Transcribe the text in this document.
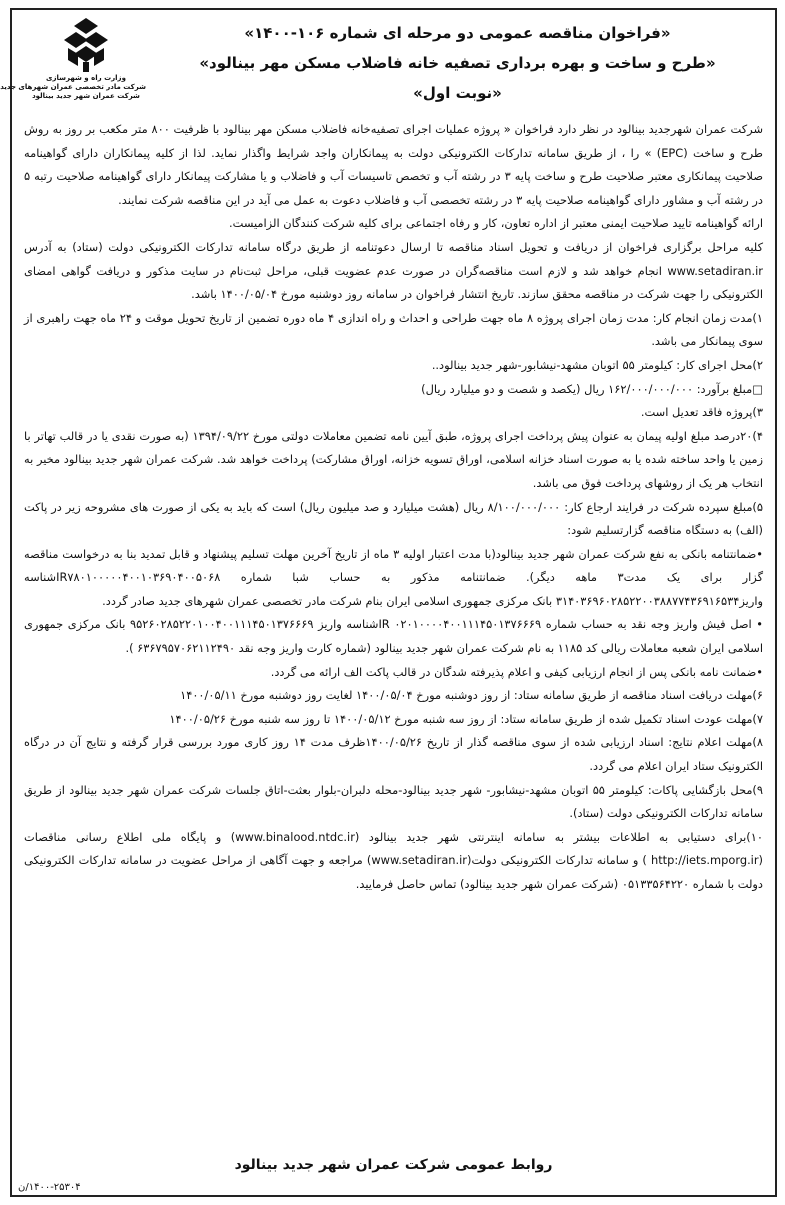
وزارت راه و شهرسازی
شرکت مادر تخصصی عمران شهرهای جدید
شرکت عمران شهر جدید بینالود
«فراخوان مناقصه عمومی دو مرحله ای شماره ۱۰۶-۱۴۰۰»
«طرح و ساخت و بهره برداری تصفیه خانه فاضلاب مسکن مهر بینالود»
«نوبت اول»

شرکت عمران شهرجدید بینالود در نظر دارد فراخوان « پروژه عملیات اجرای تصفیه‌خانه فاضلاب مسکن مهر بینالود با ظرفیت ۸۰۰ متر مکعب بر روز به روش طرح و ساخت (EPC) » را ، از طریق سامانه تدارکات الکترونیکی دولت به پیمانکاران واجد شرایط واگذار نماید. لذا از کلیه پیمانکاران دارای گواهینامه صلاحیت پیمانکاری معتبر صلاحیت طرح و ساخت پایه ۳ در رشته آب و تخصص تاسیسات آب و فاضلاب و یا مشارکت پیمانکار دارای گواهینامه صلاحیت رتبه ۵ در رشته آب و مشاور دارای گواهینامه صلاحیت پایه ۳ در رشته تخصصی آب و فاضلاب دعوت به عمل می آید در این مناقصه شرکت نمایند.

ارائه گواهینامه تایید صلاحیت ایمنی معتبر از اداره تعاون، کار و رفاه اجتماعی برای کلیه شرکت کنندگان الزامیست.

کلیه مراحل برگزاری فراخوان از دریافت و تحویل اسناد مناقصه تا ارسال دعوتنامه از طریق درگاه سامانه تدارکات الکترونیکی دولت (ستاد) به آدرس www.setadiran.ir انجام خواهد شد و لازم است مناقصه‌گران در صورت عدم عضویت قبلی، مراحل ثبت‌نام در سایت مذکور و دریافت گواهی امضای الکترونیکی را جهت شرکت در مناقصه محقق سازند. تاریخ انتشار فراخوان در سامانه روز دوشنبه مورخ ۱۴۰۰/۰۵/۰۴ باشد.

۱)مدت زمان انجام کار: مدت زمان اجرای پروژه ۸ ماه جهت طراحی و احداث و راه اندازی ۴ ماه دوره تضمین از تاریخ تحویل موقت و ۲۴ ماه جهت راهبری از سوی پیمانکار می باشد.

۲)محل اجرای کار: کیلومتر ۵۵ اتوبان مشهد-نیشابور-شهر جدید بینالود..

□مبلغ برآورد: ۱۶۲/۰۰۰/۰۰۰/۰۰۰ ریال (یکصد و شصت و دو میلیارد ریال)

۳)پروژه فاقد تعدیل است.

۴)۲۰درصد مبلغ اولیه پیمان به عنوان پیش پرداخت اجرای پروژه، طبق آیین نامه تضمین معاملات دولتی مورخ ۱۳۹۴/۰۹/۲۲ (به صورت نقدی یا در قالب تهاتر با زمین یا واحد ساخته شده یا به صورت اسناد خزانه اسلامی، اوراق تسویه خزانه، اوراق مشارکت) پرداخت خواهد شد. شرکت عمران شهر جدید بینالود مخیر به انتخاب هر یک از روشهای پرداخت فوق می باشد.

۵)مبلغ سپرده شرکت در فرایند ارجاع کار: ۸/۱۰۰/۰۰۰/۰۰۰ ریال (هشت میلیارد و صد میلیون ریال) است که باید به یکی از صورت های مشروحه زیر در پاکت (الف) به دستگاه مناقصه گزارتسلیم شود:

•ضمانتنامه بانکی به نفع شرکت عمران شهر جدید بینالود(با مدت اعتبار اولیه ۳ ماه از تاریخ آخرین مهلت تسلیم پیشنهاد و قابل تمدید بنا به درخواست مناقصه گزار برای یک مدت۳ ماهه دیگر). ضمانتنامه مذکور به حساب شبا شماره IR۷۸۰۱۰۰۰۰۰۴۰۰۱۰۳۶۹۰۴۰۰۵۰۶۸شناسه واریز۳۱۴۰۳۶۹۶۰۲۸۵۲۲۰۰۳۸۸۷۷۴۳۶۹۱۶۵۳۴ بانک مرکزی جمهوری اسلامی ایران بنام شرکت مادر تخصصی عمران شهرهای جدید صادر گردد.

• اصل فیش واریز وجه نقد به حساب شماره ۰۲۰۱۰۰۰۰۴۰۰۱۱۱۴۵۰۱۳۷۶۶۶۹ IRشناسه واریز ۹۵۲۶۰۲۸۵۲۲۰۱۰۰۴۰۰۱۱۱۴۵۰۱۳۷۶۶۶۹ بانک مرکزی جمهوری اسلامی ایران شعبه معاملات ریالی کد ۱۱۸۵ به نام شرکت عمران شهر جدید بینالود (شماره کارت واریز وجه نقد ۶۳۶۷۹۵۷۰۶۲۱۱۲۴۹۰ ).

•ضمانت نامه بانکی پس از انجام ارزیابی کیفی و اعلام پذیرفته شدگان در قالب پاکت الف ارائه می گردد.

۶)مهلت دریافت اسناد مناقصه از طریق سامانه ستاد: از روز دوشنبه مورخ ۱۴۰۰/۰۵/۰۴ لغایت روز دوشنبه مورخ ۱۴۰۰/۰۵/۱۱

۷)مهلت عودت اسناد تکمیل شده از طریق سامانه ستاد: از روز سه شنبه مورخ ۱۴۰۰/۰۵/۱۲ تا روز سه شنبه مورخ ۱۴۰۰/۰۵/۲۶

۸)مهلت اعلام نتایج: اسناد ارزیابی شده از سوی مناقصه گذار از تاریخ ۱۴۰۰/۰۵/۲۶ظرف مدت ۱۴ روز کاری مورد بررسی قرار گرفته و نتایج آن در درگاه الکترونیک ستاد ایران اعلام می گردد.

۹)محل بازگشایی پاکات: کیلومتر ۵۵ اتوبان مشهد-نیشابور- شهر جدید بینالود-محله دلبران-بلوار بعثت-اتاق جلسات شرکت عمران شهر جدید بینالود از طریق سامانه تدارکات الکترونیکی دولت (ستاد).

۱۰)برای دستیابی به اطلاعات بیشتر به سامانه اینترنتی شهر جدید بینالود (www.binalood.ntdc.ir) و پایگاه ملی اطلاع رسانی مناقصات (http://iets.mporg.ir ) و سامانه تدارکات الکترونیکی دولت(www.setadiran.ir) مراجعه و جهت آگاهی از مراحل عضویت در سامانه تدارکات الکترونیکی دولت با شماره ۰۵۱۳۳۵۶۴۲۲۰ (شرکت عمران شهر جدید بینالود) تماس حاصل فرمایید.

روابط عمومی شرکت عمران شهر جدید بینالود
۱۴۰۰-۲۵۳۰۴/ن
